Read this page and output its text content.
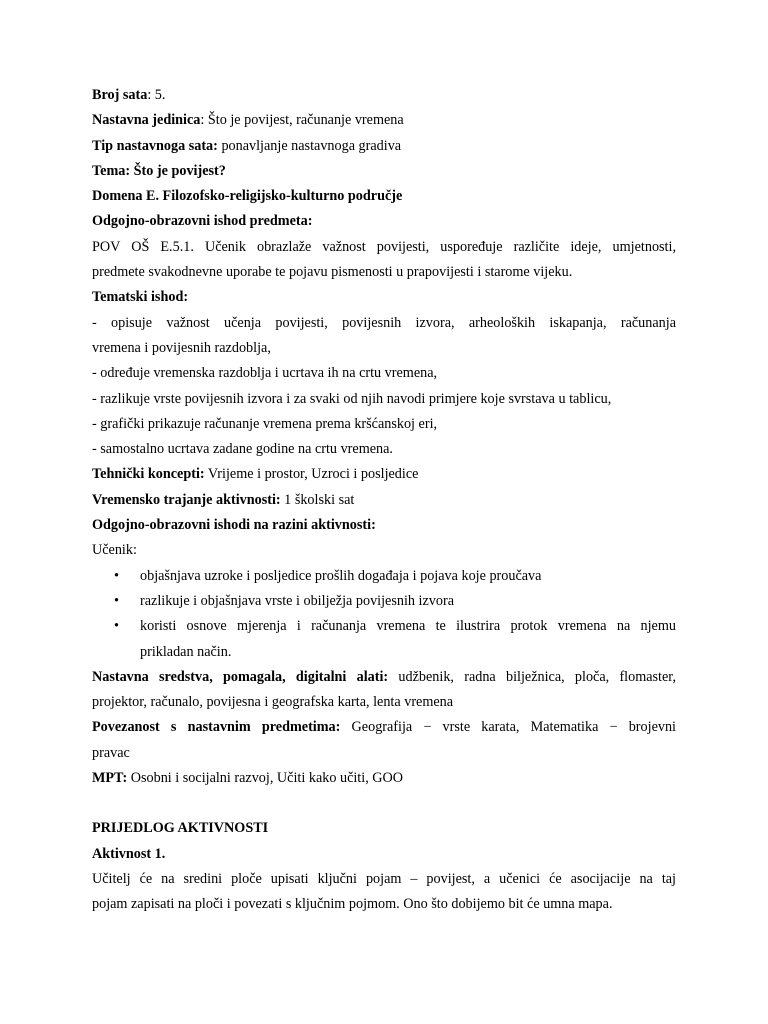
Broj sata: 5.
Nastavna jedinica: Što je povijest, računanje vremena
Tip nastavnoga sata: ponavljanje nastavnoga gradiva
Tema: Što je povijest?
Domena E. Filozofsko-religijsko-kulturno područje
Odgojno-obrazovni ishod predmeta:
POV OŠ E.5.1. Učenik obrazlaže važnost povijesti, uspoređuje različite ideje, umjetnosti,
predmete svakodnevne uporabe te pojavu pismenosti u prapovijesti i starome vijeku.
Tematski ishod:
- opisuje važnost učenja povijesti, povijesnih izvora, arheoloških iskapanja, računanja
vremena i povijesnih razdoblja,
- određuje vremenska razdoblja i ucrtava ih na crtu vremena,
- razlikuje vrste povijesnih izvora i za svaki od njih navodi primjere koje svrstava u tablicu,
- grafički prikazuje računanje vremena prema kršćanskoj eri,
- samostalno ucrtava zadane godine na crtu vremena.
Tehnički koncepti: Vrijeme i prostor, Uzroci i posljedice
Vremensko trajanje aktivnosti: 1 školski sat
Odgojno-obrazovni ishodi na razini aktivnosti:
Učenik:
• objašnjava uzroke i posljedice prošlih događaja i pojava koje proučava
• razlikuje i objašnjava vrste i obilježja povijesnih izvora
• koristi osnove mjerenja i računanja vremena te ilustrira protok vremena na njemu
prikladan način.
Nastavna sredstva, pomagala, digitalni alati: udžbenik, radna bilježnica, ploča, flomaster,
projektor, računalo, povijesna i geografska karta, lenta vremena
Povezanost s nastavnim predmetima: Geografija − vrste karata, Matematika − brojevni
pravac
MPT: Osobni i socijalni razvoj, Učiti kako učiti, GOO
PRIJEDLOG AKTIVNOSTI
Aktivnost 1.
Učitelj će na sredini ploče upisati ključni pojam – povijest, a učenici će asocijacije na taj
pojam zapisati na ploči i povezati s ključnim pojmom. Ono što dobijemo bit će umna mapa.
